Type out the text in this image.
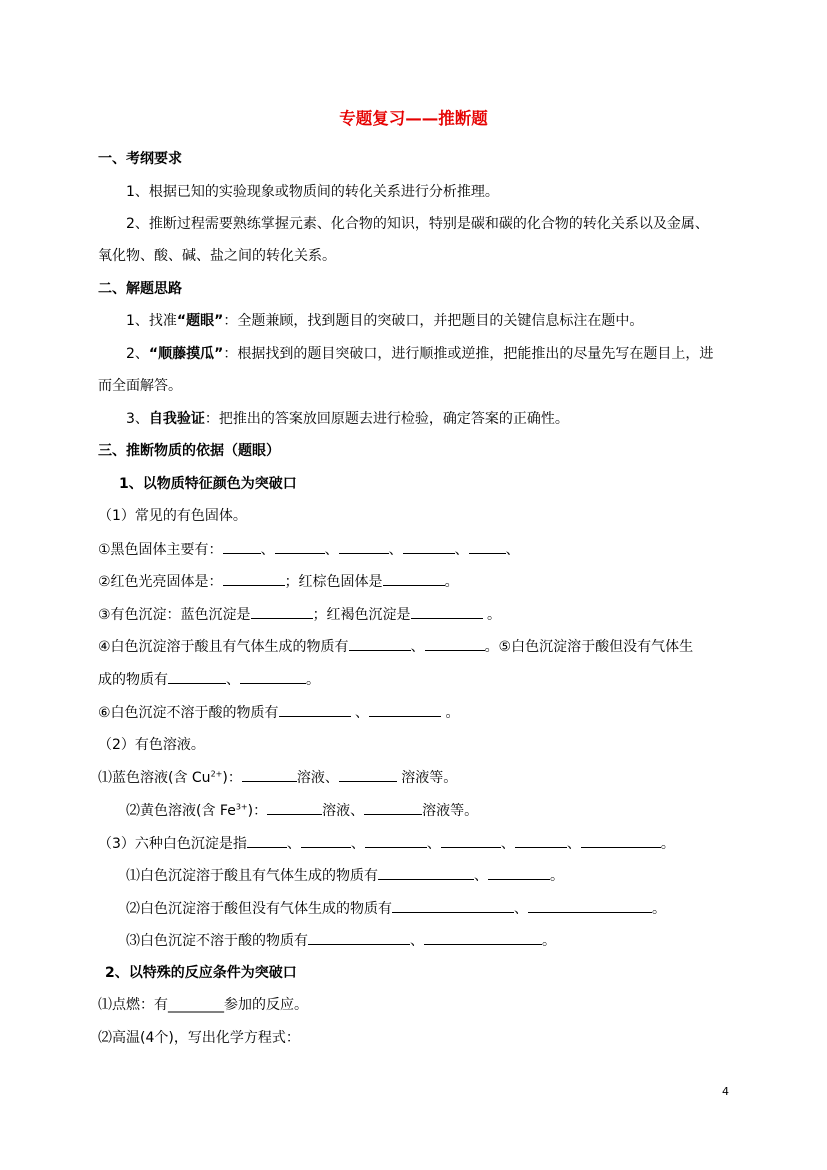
专题复习——推断题
一、考纲要求
1、根据已知的实验现象或物质间的转化关系进行分析推理。
2、推断过程需要熟练掌握元素、化合物的知识，特别是碳和碳的化合物的转化关系以及金属、
氧化物、酸、碱、盐之间的转化关系。
二、解题思路
1、找准“题眼”：全题兼顾，找到题目的突破口，并把题目的关键信息标注在题中。
2、“顺藤摸瓜”：根据找到的题目突破口，进行顺推或逆推，把能推出的尽量先写在题目上，进
而全面解答。
3、自我验证：把推出的答案放回原题去进行检验，确定答案的正确性。
三、推断物质的依据（题眼）
1、以物质特征颜色为突破口
（1）常见的有色固体。
①黑色固体主要有：	、	、	、	、	、
②红色光亮固体是：	；红棕色固体是	。
③有色沉淀：蓝色沉淀是	；红褐色沉淀是	。
④白色沉淀溶于酸且有气体生成的物质有	、	。⑤白色沉淀溶于酸但没有气体生
成的物质有	、	。
⑥白色沉淀不溶于酸的物质有	、	。
（2）有色溶液。
⑴蓝色溶液(含 $Cu^{2+}$)：	溶液、	溶液等。
⑵黄色溶液(含 $Fe^{3+}$)：	溶液、	溶液等。
（3）六种白色沉淀是指	、	、	、	、	、	。
⑴白色沉淀溶于酸且有气体生成的物质有	、	。
⑵白色沉淀溶于酸但没有气体生成的物质有	、	。
⑶白色沉淀不溶于酸的物质有	、	。
2、以特殊的反应条件为突破口
⑴点燃：有________参加的反应。
⑵高温(4个)，写出化学方程式：
4
